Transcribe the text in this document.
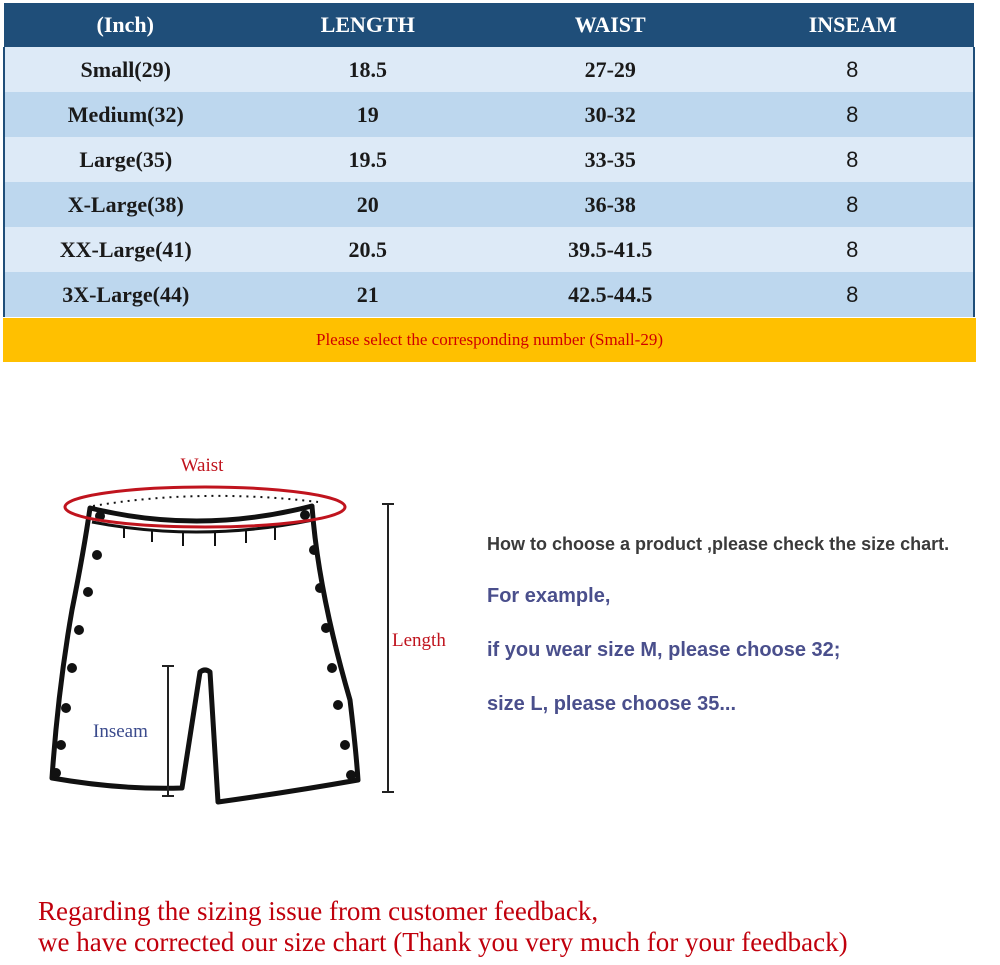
(Inch)	LENGTH	WAIST	INSEAM
Small(29)	18.5	27-29	8
Medium(32)	19	30-32	8
Large(35)	19.5	33-35	8
X-Large(38)	20	36-38	8
XX-Large(41)	20.5	39.5-41.5	8
3X-Large(44)	21	42.5-44.5	8
Please select the corresponding number (Small-29)
Waist
Length
Inseam
How to choose a product ,please check the size chart.
For example,
if you wear size M, please choose 32;
size L, please choose 35...
Regarding the sizing issue from customer feedback,
we have corrected our size chart (Thank you very much for your feedback)
